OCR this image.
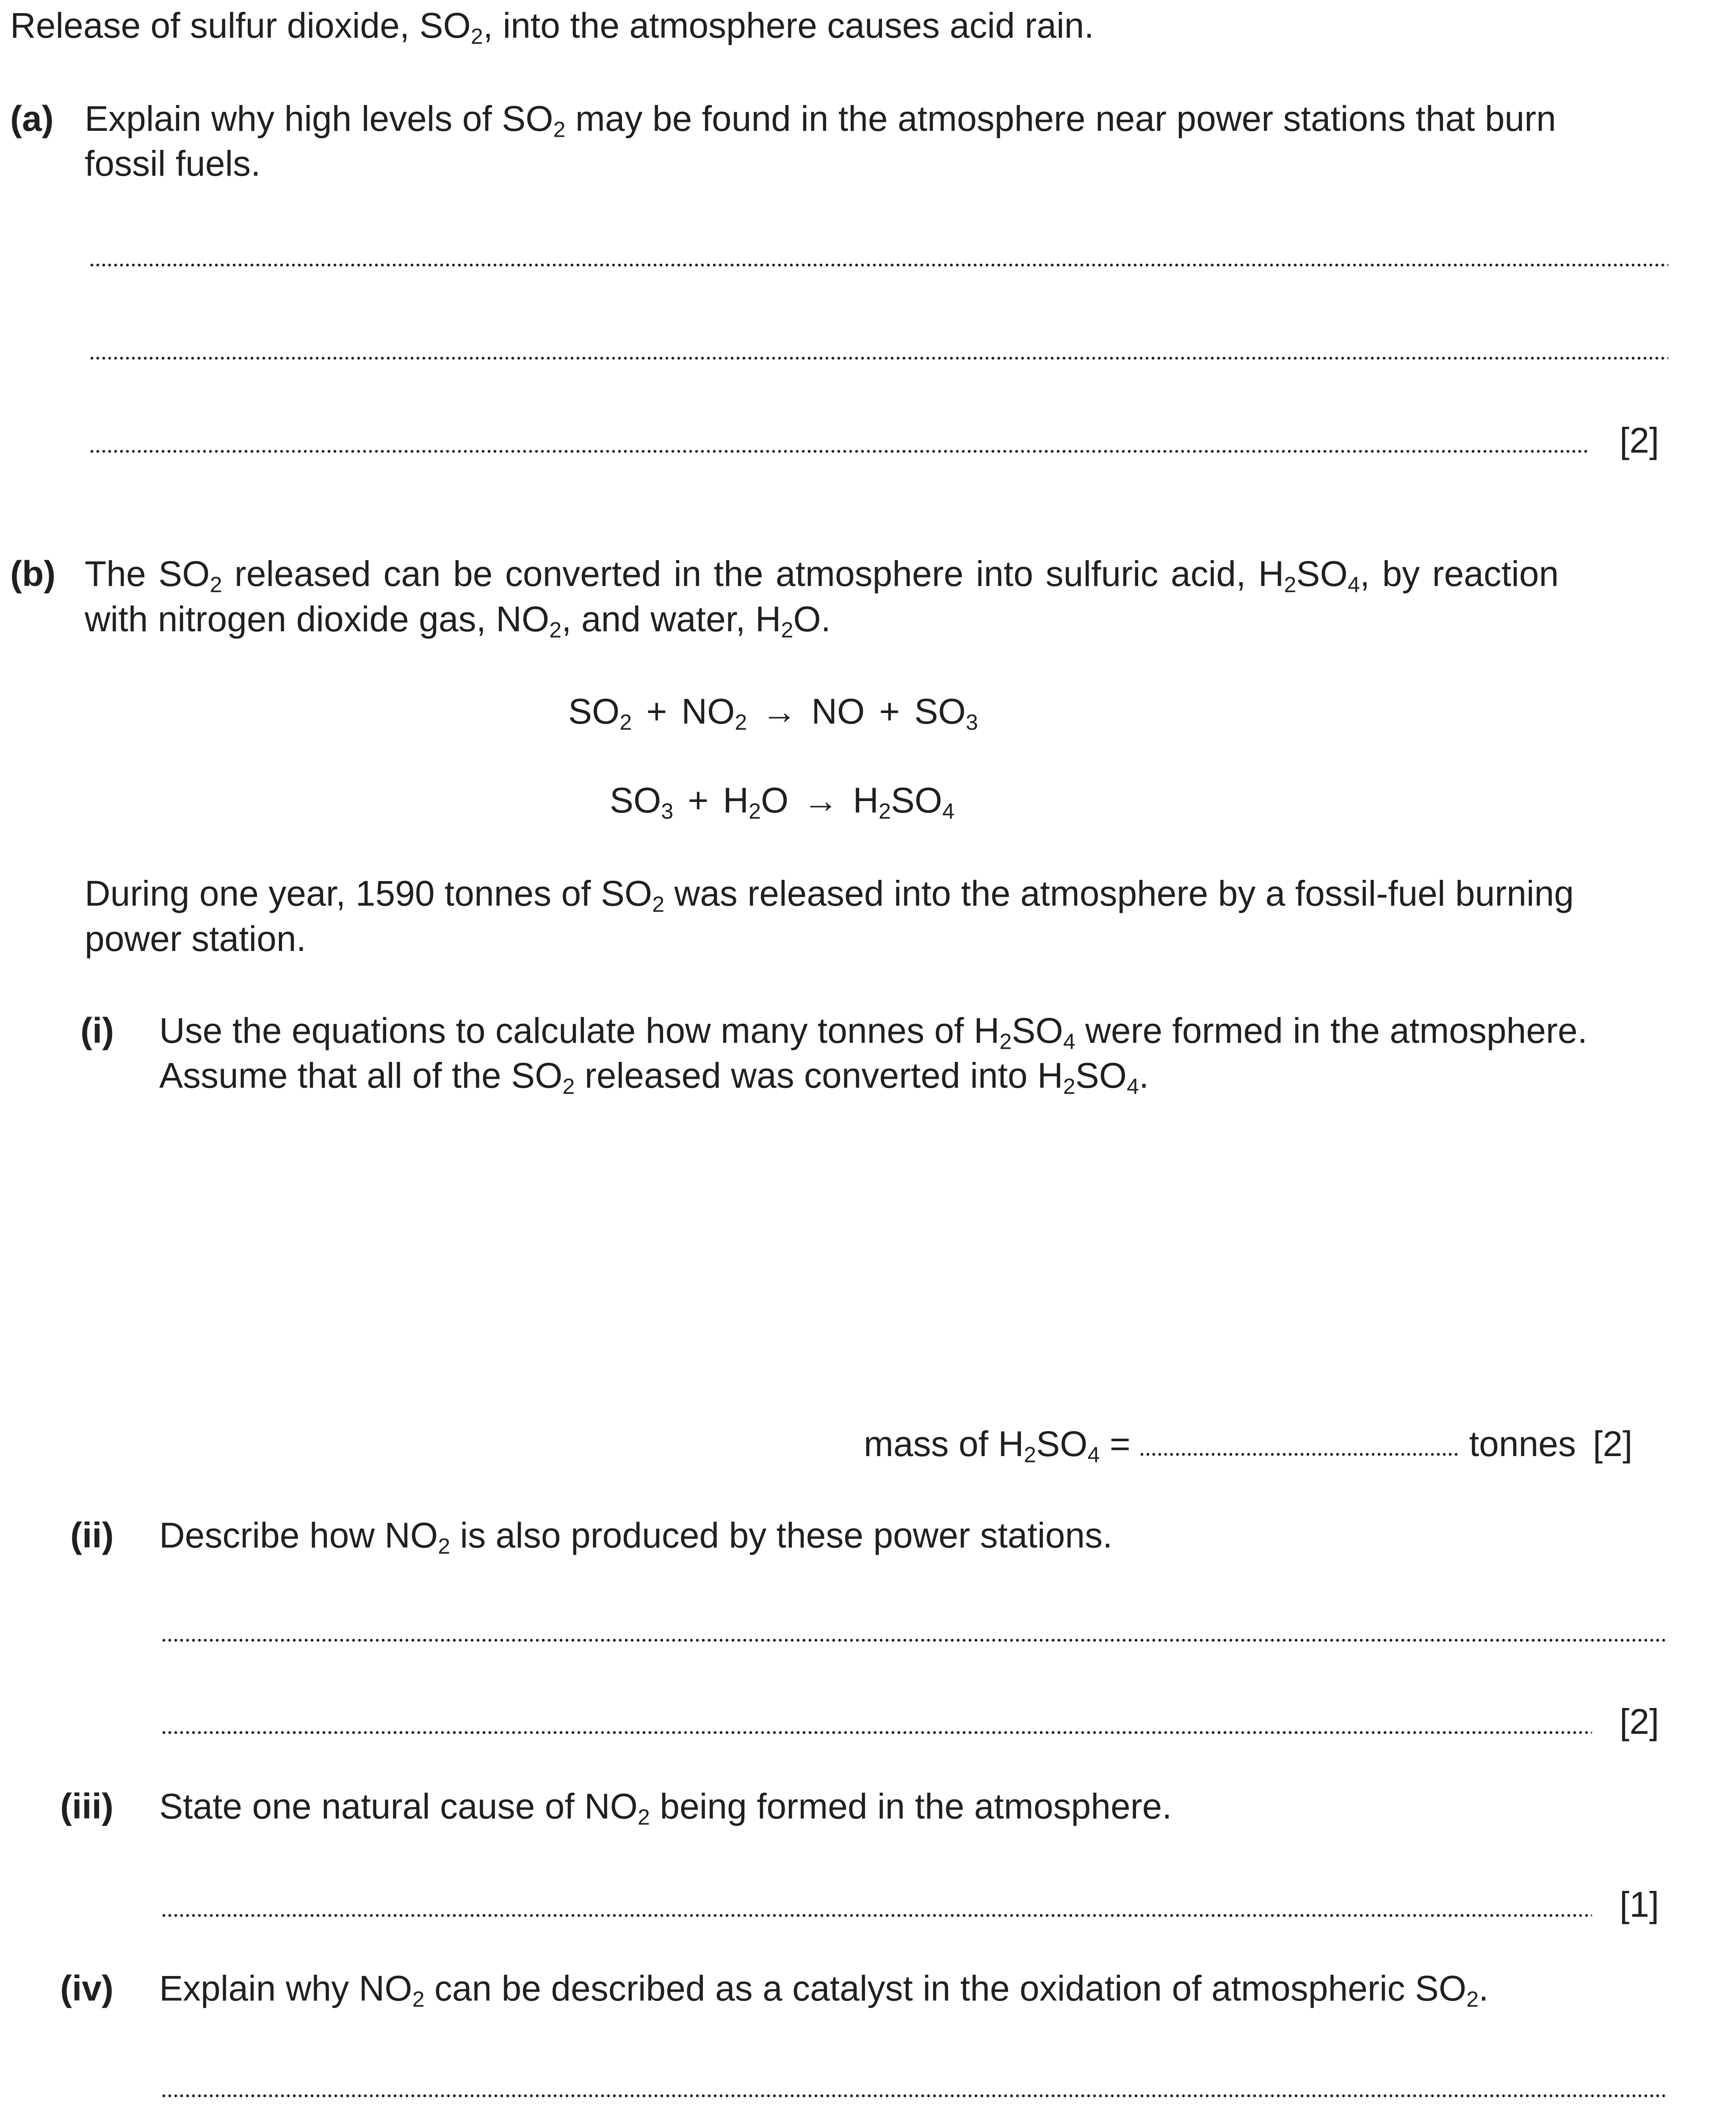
Release of sulfur dioxide, $SO_2$, into the atmosphere causes acid rain.
(a) Explain why high levels of $SO_2$ may be found in the atmosphere near power stations that burn
fossil fuels.
[2]
(b) The $SO_2$ released can be converted in the atmosphere into sulfuric acid, $H_2SO_4$, by reaction
with nitrogen dioxide gas, $NO_2$, and water, $H_2O$.
$SO_2 + NO_2$ → NO + $SO_3$
$SO_3 + H_2O \to H_2SO_4$
During one year, 1590 tonnes of $SO_2$ was released into the atmosphere by a fossil-fuel burning
power station.
(i) Use the equations to calculate how many tonnes of $H_2SO_4$ were formed in the atmosphere.
Assume that all of the $SO_2$ released was converted into $H_2SO_4$.
mass of $H_2SO_4$ =	tonnes [2]
(ii) Describe how $NO_2$ is also produced by these power stations.
[2]
(iii) State one natural cause of $NO_2$ being formed in the atmosphere.
[1]
(iv) Explain why $NO_2$ can be described as a catalyst in the oxidation of atmospheric $SO_2$.
